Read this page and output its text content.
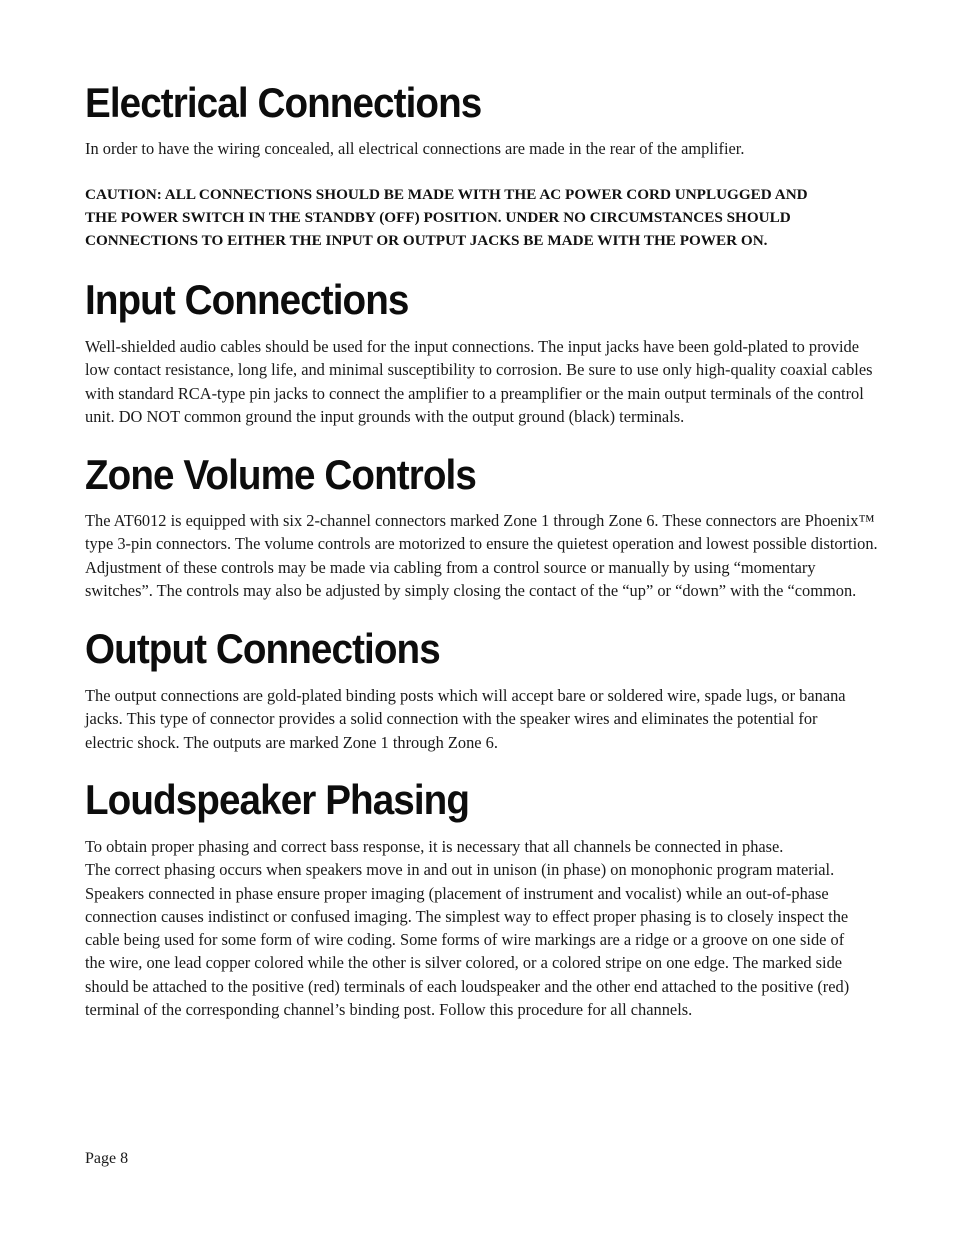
Electrical Connections

In order to have the wiring concealed, all electrical connections are made in the rear of the amplifier.

CAUTION: ALL CONNECTIONS SHOULD BE MADE WITH THE AC POWER CORD UNPLUGGED AND
THE POWER SWITCH IN THE STANDBY (OFF) POSITION. UNDER NO CIRCUMSTANCES SHOULD
CONNECTIONS TO EITHER THE INPUT OR OUTPUT JACKS BE MADE WITH THE POWER ON.

Input Connections

Well-shielded audio cables should be used for the input connections. The input jacks have been gold-plated to provide
low contact resistance, long life, and minimal susceptibility to corrosion. Be sure to use only high-quality coaxial cables
with standard RCA-type pin jacks to connect the amplifier to a preamplifier or the main output terminals of the control
unit. DO NOT common ground the input grounds with the output ground (black) terminals.

Zone Volume Controls

The AT6012 is equipped with six 2-channel connectors marked Zone 1 through Zone 6. These connectors are Phoenix™
type 3-pin connectors. The volume controls are motorized to ensure the quietest operation and lowest possible distortion.
Adjustment of these controls may be made via cabling from a control source or manually by using “momentary
switches”. The controls may also be adjusted by simply closing the contact of the “up” or “down” with the “common.

Output Connections

The output connections are gold-plated binding posts which will accept bare or soldered wire, spade lugs, or banana
jacks. This type of connector provides a solid connection with the speaker wires and eliminates the potential for
electric shock. The outputs are marked Zone 1 through Zone 6.

Loudspeaker Phasing

To obtain proper phasing and correct bass response, it is necessary that all channels be connected in phase.
The correct phasing occurs when speakers move in and out in unison (in phase) on monophonic program material.
Speakers connected in phase ensure proper imaging (placement of instrument and vocalist) while an out-of-phase
connection causes indistinct or confused imaging. The simplest way to effect proper phasing is to closely inspect the
cable being used for some form of wire coding. Some forms of wire markings are a ridge or a groove on one side of
the wire, one lead copper colored while the other is silver colored, or a colored stripe on one edge. The marked side
should be attached to the positive (red) terminals of each loudspeaker and the other end attached to the positive (red)
terminal of the corresponding channel’s binding post. Follow this procedure for all channels.

Page 8
